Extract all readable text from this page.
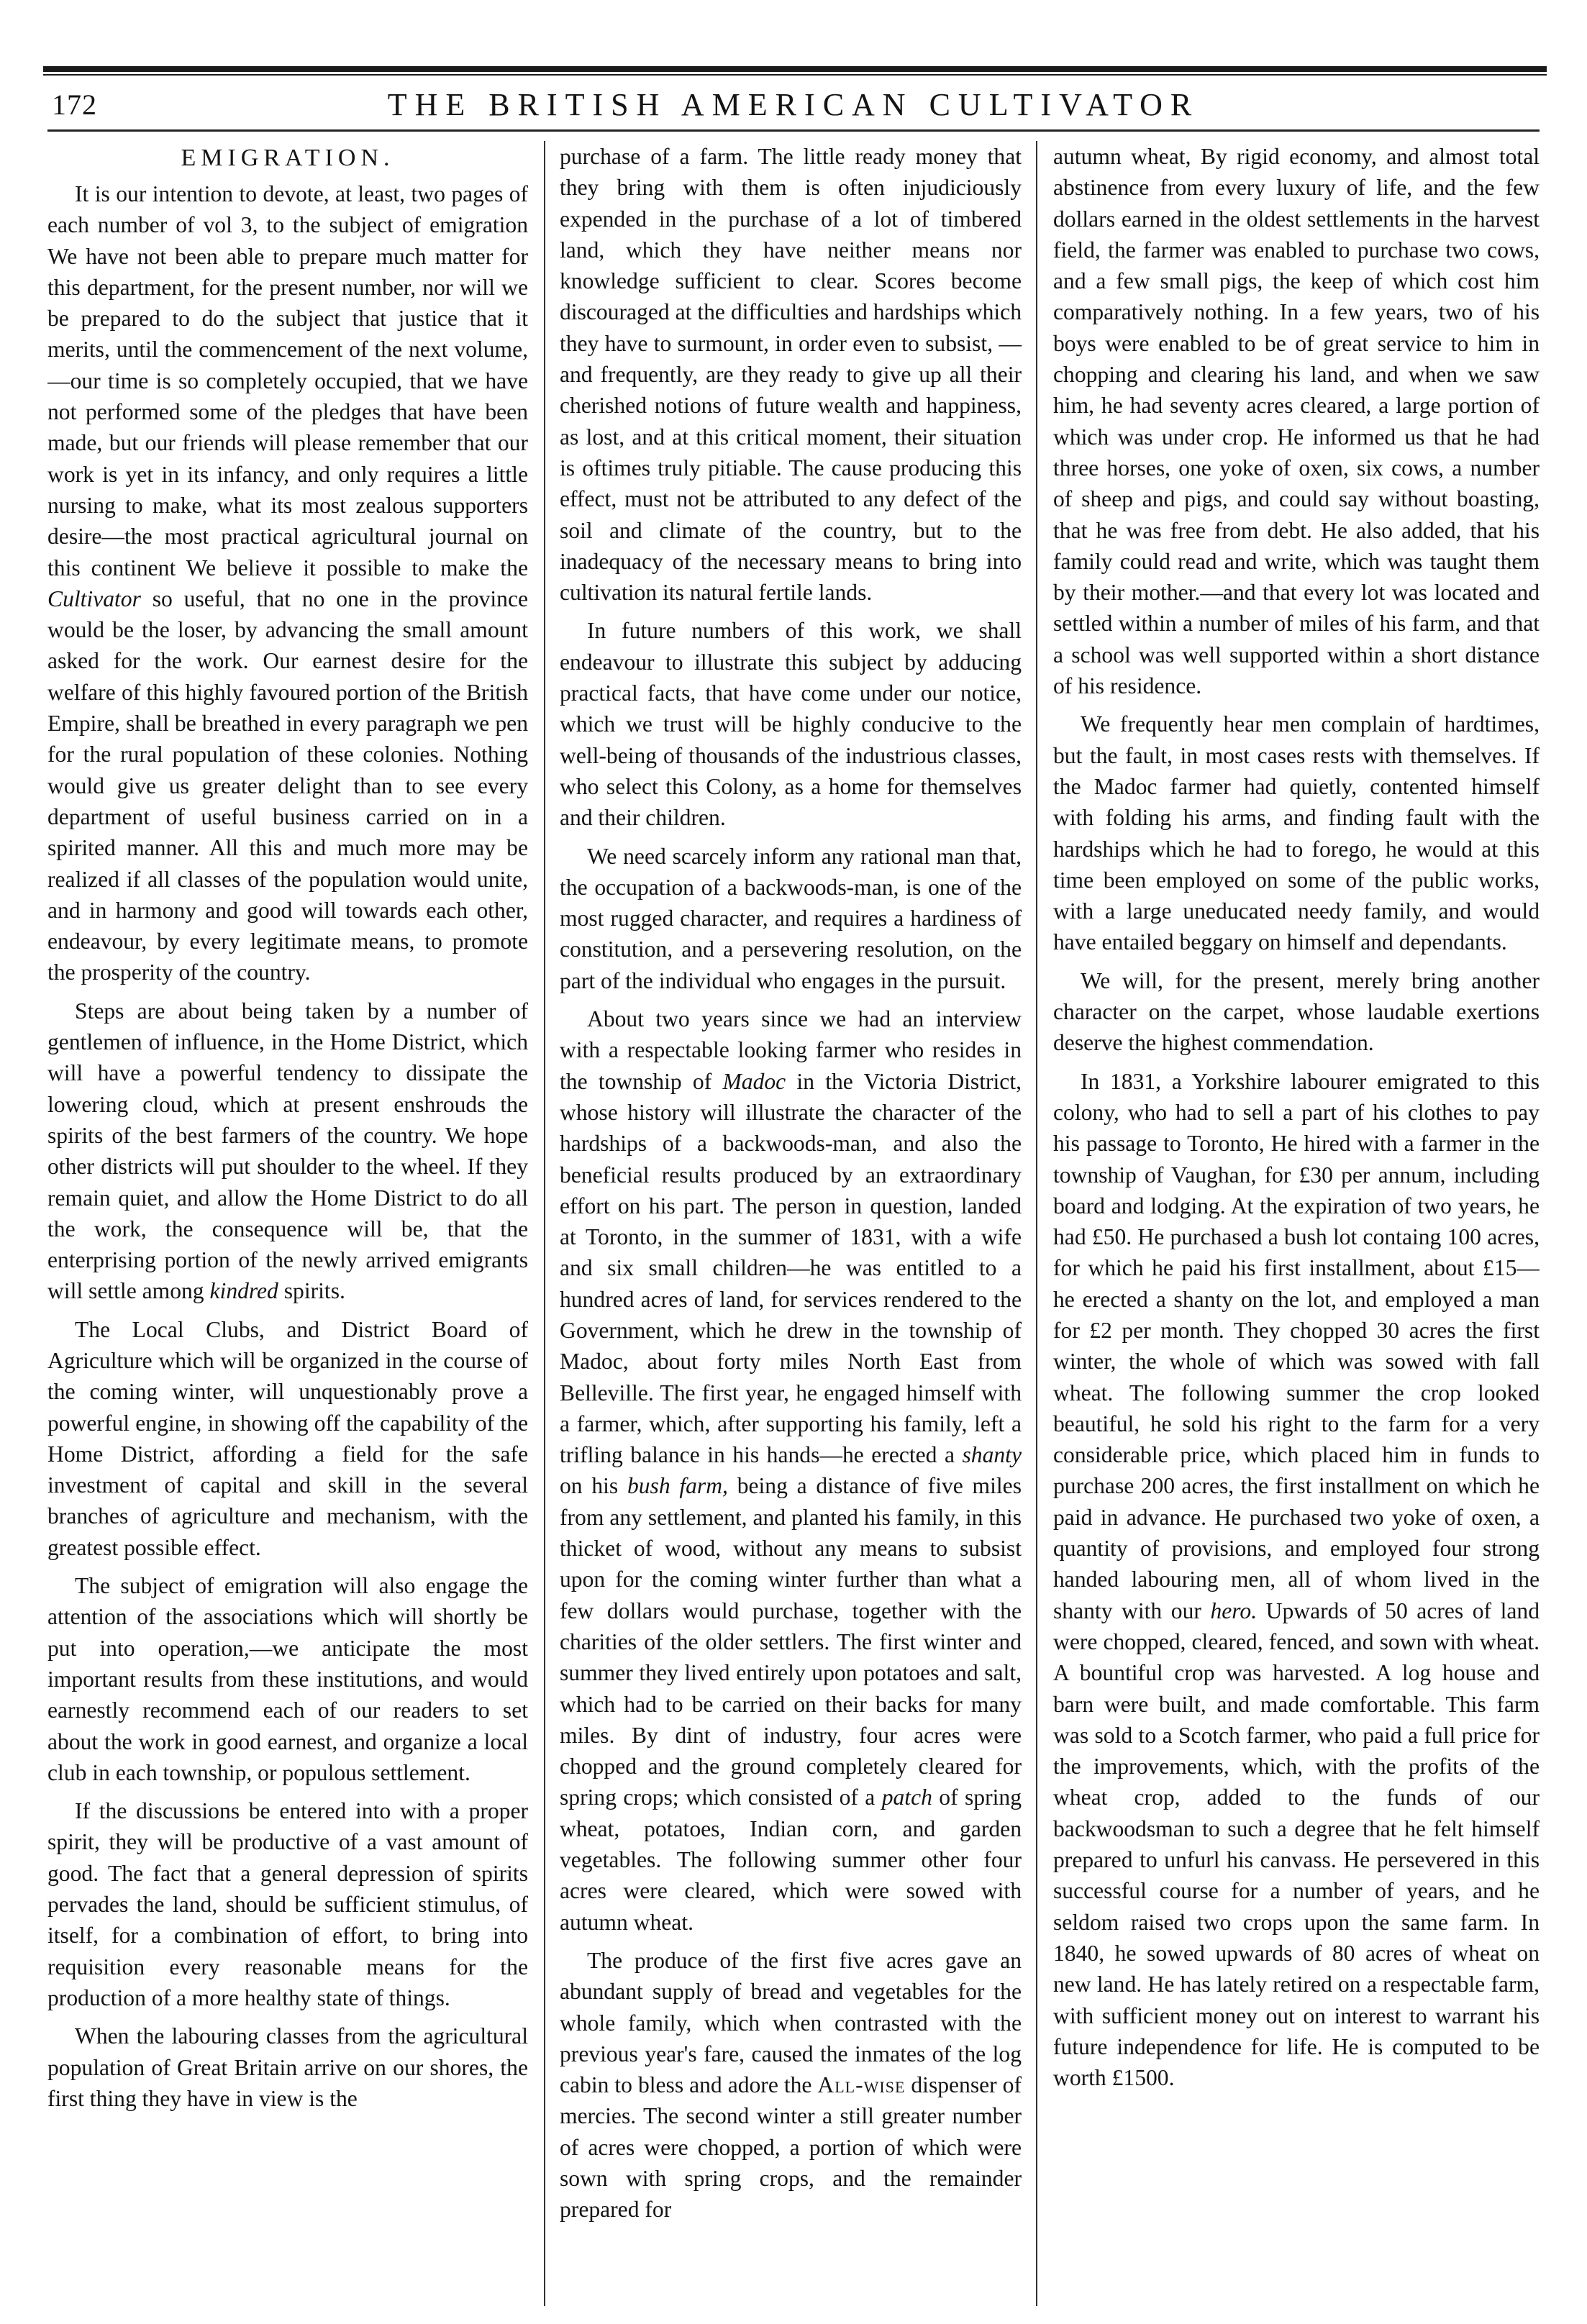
172	THE BRITISH AMERICAN CULTIVATOR
EMIGRATION.

It is our intention to devote, at least, two pages of each number of vol 3, to the subject of emigration We have not been able to prepare much matter for this department, for the present number, nor will we be prepared to do the subject that justice that it merits, until the commencement of the next volume,—our time is so completely occupied, that we have not performed some of the pledges that have been made, but our friends will please remember that our work is yet in its infancy, and only requires a little nursing to make, what its most zealous supporters desire—the most practical agricultural journal on this continent We believe it possible to make the Cultivator so useful, that no one in the province would be the loser, by advancing the small amount asked for the work. Our earnest desire for the welfare of this highly favoured portion of the British Empire, shall be breathed in every paragraph we pen for the rural population of these colonies. Nothing would give us greater delight than to see every department of useful business carried on in a spirited manner. All this and much more may be realized if all classes of the population would unite, and in harmony and good will towards each other, endeavour, by every legitimate means, to promote the prosperity of the country.

Steps are about being taken by a number of gentlemen of influence, in the Home District, which will have a powerful tendency to dissipate the lowering cloud, which at present enshrouds the spirits of the best farmers of the country. We hope other districts will put shoulder to the wheel. If they remain quiet, and allow the Home District to do all the work, the consequence will be, that the enterprising portion of the newly arrived emigrants will settle among kindred spirits.

The Local Clubs, and District Board of Agriculture which will be organized in the course of the coming winter, will unquestionably prove a powerful engine, in showing off the capability of the Home District, affording a field for the safe investment of capital and skill in the several branches of agriculture and mechanism, with the greatest possible effect.

The subject of emigration will also engage the attention of the associations which will shortly be put into operation,—we anticipate the most important results from these institutions, and would earnestly recommend each of our readers to set about the work in good earnest, and organize a local club in each township, or populous settlement.

If the discussions be entered into with a proper spirit, they will be productive of a vast amount of good. The fact that a general depression of spirits pervades the land, should be sufficient stimulus, of itself, for a combination of effort, to bring into requisition every reasonable means for the production of a more healthy state of things.

When the labouring classes from the agricultural population of Great Britain arrive on our shores, the first thing they have in view is the

purchase of a farm. The little ready money that they bring with them is often injudiciously expended in the purchase of a lot of timbered land, which they have neither means nor knowledge sufficient to clear. Scores become discouraged at the difficulties and hardships which they have to surmount, in order even to subsist, —and frequently, are they ready to give up all their cherished notions of future wealth and happiness, as lost, and at this critical moment, their situation is oftimes truly pitiable. The cause producing this effect, must not be attributed to any defect of the soil and climate of the country, but to the inadequacy of the necessary means to bring into cultivation its natural fertile lands.

In future numbers of this work, we shall endeavour to illustrate this subject by adducing practical facts, that have come under our notice, which we trust will be highly conducive to the well-being of thousands of the industrious classes, who select this Colony, as a home for themselves and their children.

We need scarcely inform any rational man that, the occupation of a backwoods-man, is one of the most rugged character, and requires a hardiness of constitution, and a persevering resolution, on the part of the individual who engages in the pursuit.

About two years since we had an interview with a respectable looking farmer who resides in the township of Madoc in the Victoria District, whose history will illustrate the character of the hardships of a backwoods-man, and also the beneficial results produced by an extraordinary effort on his part. The person in question, landed at Toronto, in the summer of 1831, with a wife and six small children—he was entitled to a hundred acres of land, for services rendered to the Government, which he drew in the township of Madoc, about forty miles North East from Belleville. The first year, he engaged himself with a farmer, which, after supporting his family, left a trifling balance in his hands—he erected a shanty on his bush farm, being a distance of five miles from any settlement, and planted his family, in this thicket of wood, without any means to subsist upon for the coming winter further than what a few dollars would purchase, together with the charities of the older settlers. The first winter and summer they lived entirely upon potatoes and salt, which had to be carried on their backs for many miles. By dint of industry, four acres were chopped and the ground completely cleared for spring crops; which consisted of a patch of spring wheat, potatoes, Indian corn, and garden vegetables. The following summer other four acres were cleared, which were sowed with autumn wheat.

The produce of the first five acres gave an abundant supply of bread and vegetables for the whole family, which when contrasted with the previous year's fare, caused the inmates of the log cabin to bless and adore the All-wise dispenser of mercies. The second winter a still greater number of acres were chopped, a portion of which were sown with spring crops, and the remainder prepared for

autumn wheat, By rigid economy, and almost total abstinence from every luxury of life, and the few dollars earned in the oldest settlements in the harvest field, the farmer was enabled to purchase two cows, and a few small pigs, the keep of which cost him comparatively nothing. In a few years, two of his boys were enabled to be of great service to him in chopping and clearing his land, and when we saw him, he had seventy acres cleared, a large portion of which was under crop. He informed us that he had three horses, one yoke of oxen, six cows, a number of sheep and pigs, and could say without boasting, that he was free from debt. He also added, that his family could read and write, which was taught them by their mother.—and that every lot was located and settled within a number of miles of his farm, and that a school was well supported within a short distance of his residence.

We frequently hear men complain of hardtimes, but the fault, in most cases rests with themselves. If the Madoc farmer had quietly, contented himself with folding his arms, and finding fault with the hardships which he had to forego, he would at this time been employed on some of the public works, with a large uneducated needy family, and would have entailed beggary on himself and dependants.

We will, for the present, merely bring another character on the carpet, whose laudable exertions deserve the highest commendation.

In 1831, a Yorkshire labourer emigrated to this colony, who had to sell a part of his clothes to pay his passage to Toronto, He hired with a farmer in the township of Vaughan, for £30 per annum, including board and lodging. At the expiration of two years, he had £50. He purchased a bush lot containg 100 acres, for which he paid his first installment, about £15—he erected a shanty on the lot, and employed a man for £2 per month. They chopped 30 acres the first winter, the whole of which was sowed with fall wheat. The following summer the crop looked beautiful, he sold his right to the farm for a very considerable price, which placed him in funds to purchase 200 acres, the first installment on which he paid in advance. He purchased two yoke of oxen, a quantity of provisions, and employed four strong handed labouring men, all of whom lived in the shanty with our hero. Upwards of 50 acres of land were chopped, cleared, fenced, and sown with wheat. A bountiful crop was harvested. A log house and barn were built, and made comfortable. This farm was sold to a Scotch farmer, who paid a full price for the improvements, which, with the profits of the wheat crop, added to the funds of our backwoodsman to such a degree that he felt himself prepared to unfurl his canvass. He persevered in this successful course for a number of years, and he seldom raised two crops upon the same farm. In 1840, he sowed upwards of 80 acres of wheat on new land. He has lately retired on a respectable farm, with sufficient money out on interest to warrant his future independence for life. He is computed to be worth £1500.
